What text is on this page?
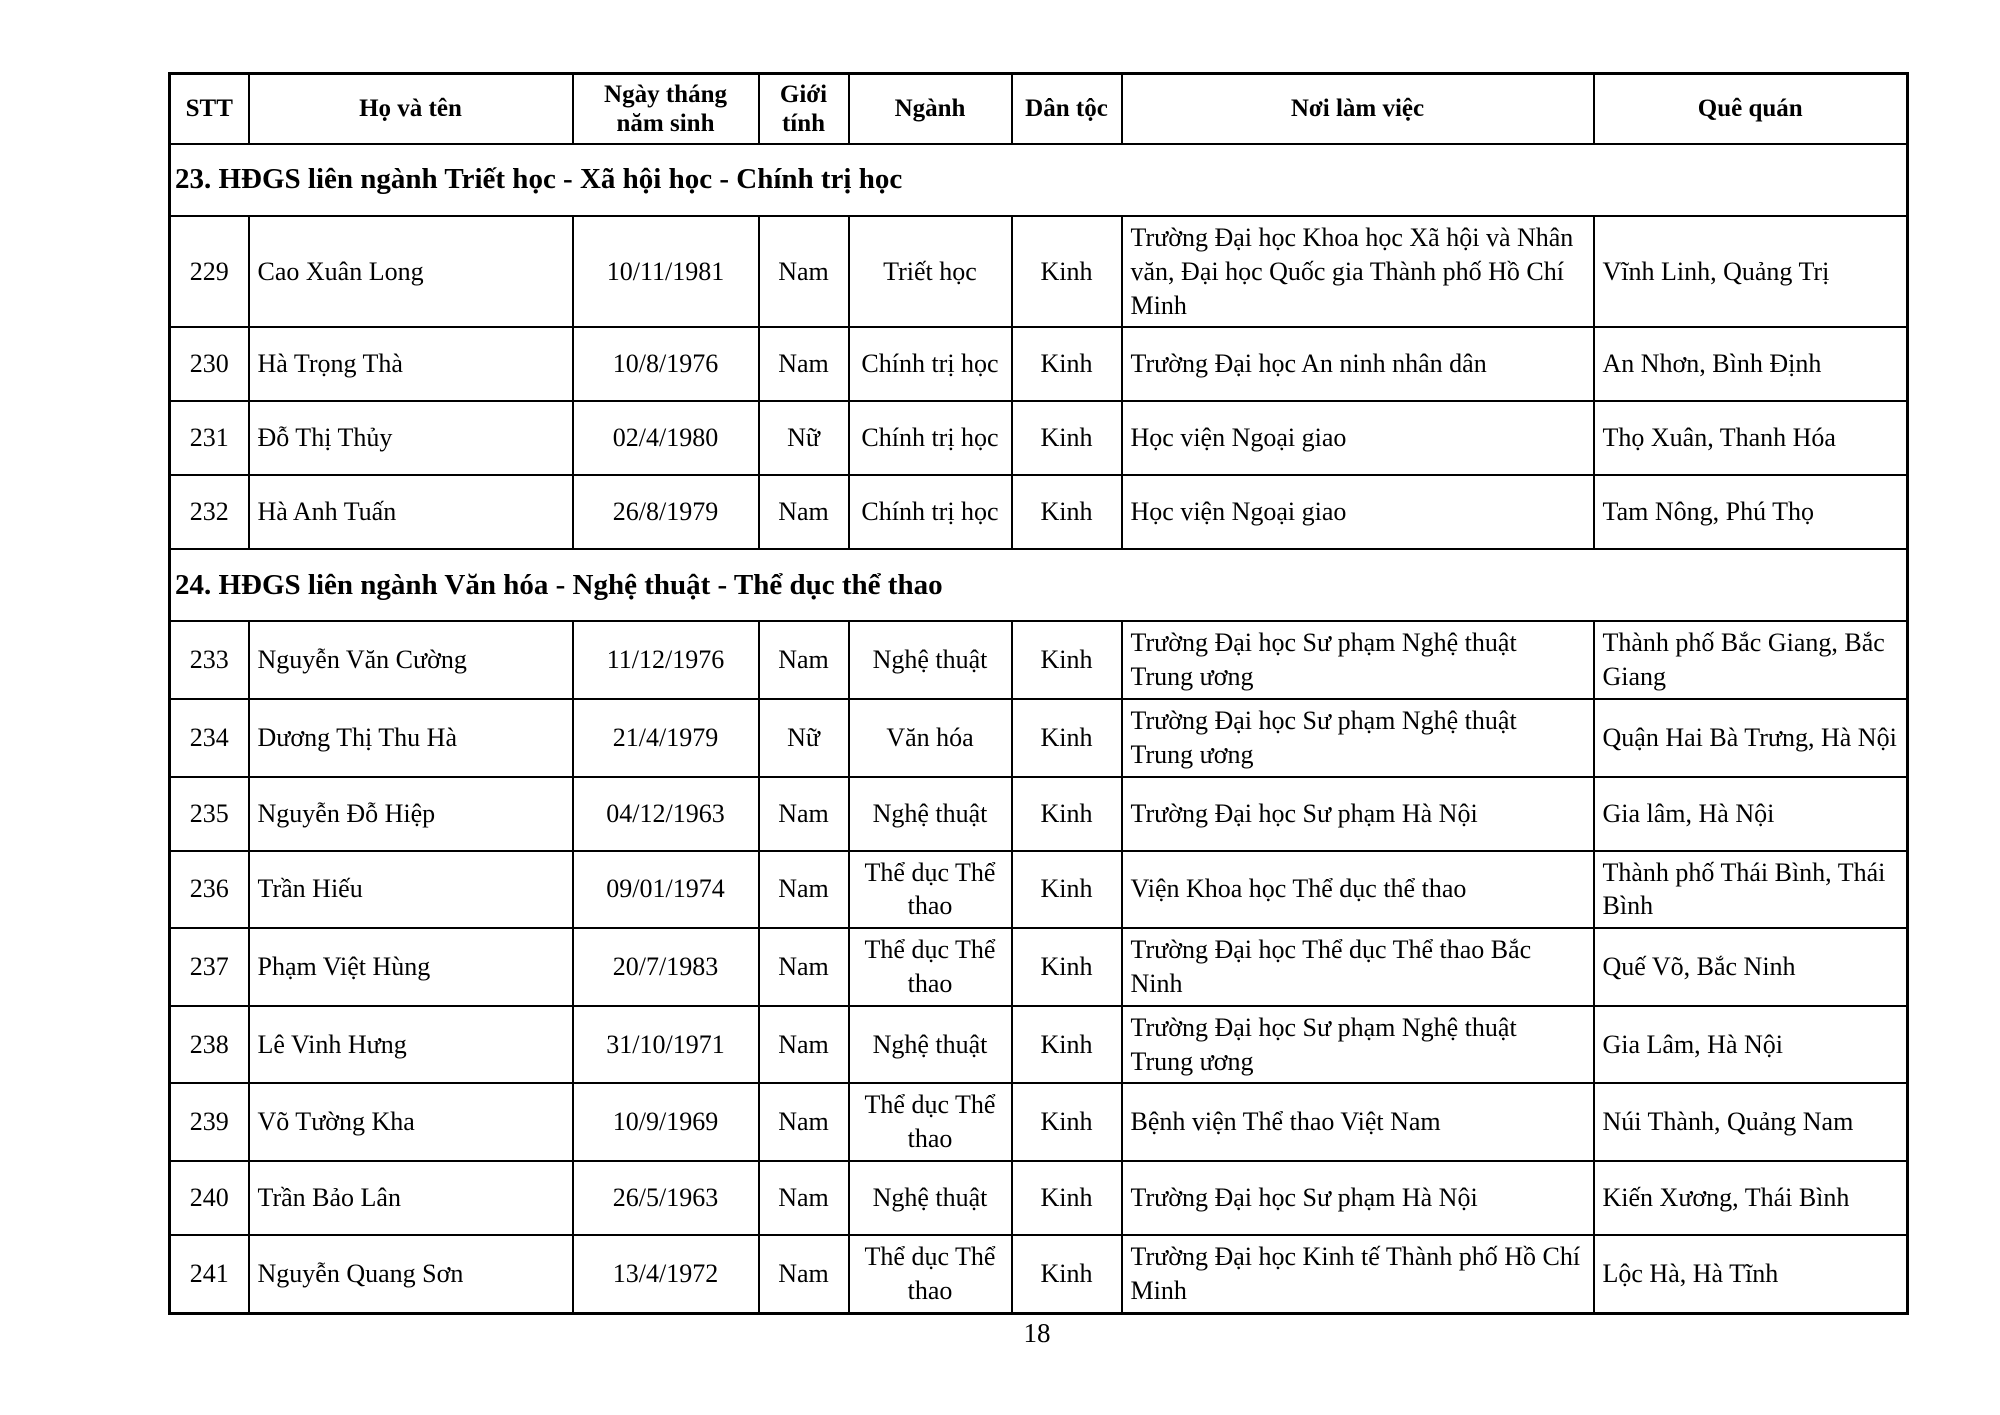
STT	Họ và tên	Ngày tháng năm sinh	Giới tính	Ngành	Dân tộc	Nơi làm việc	Quê quán
23. HĐGS liên ngành Triết học - Xã hội học - Chính trị học							
229	Cao Xuân Long	10/11/1981	Nam	Triết học	Kinh	Trường Đại học Khoa học Xã hội và Nhân văn, Đại học Quốc gia Thành phố Hồ Chí Minh	Vĩnh Linh, Quảng Trị
230	Hà Trọng Thà	10/8/1976	Nam	Chính trị học	Kinh	Trường Đại học An ninh nhân dân	An Nhơn, Bình Định
231	Đỗ Thị Thủy	02/4/1980	Nữ	Chính trị học	Kinh	Học viện Ngoại giao	Thọ Xuân, Thanh Hóa
232	Hà Anh Tuấn	26/8/1979	Nam	Chính trị học	Kinh	Học viện Ngoại giao	Tam Nông, Phú Thọ
24. HĐGS liên ngành Văn hóa - Nghệ thuật - Thể dục thể thao							
233	Nguyễn Văn Cường	11/12/1976	Nam	Nghệ thuật	Kinh	Trường Đại học Sư phạm Nghệ thuật Trung ương	Thành phố Bắc Giang, Bắc Giang
234	Dương Thị Thu Hà	21/4/1979	Nữ	Văn hóa	Kinh	Trường Đại học Sư phạm Nghệ thuật Trung ương	Quận Hai Bà Trưng, Hà Nội
235	Nguyễn Đỗ Hiệp	04/12/1963	Nam	Nghệ thuật	Kinh	Trường Đại học Sư phạm Hà Nội	Gia lâm, Hà Nội
236	Trần Hiếu	09/01/1974	Nam	Thể dục Thể thao	Kinh	Viện Khoa học Thể dục thể thao	Thành phố Thái Bình, Thái Bình
237	Phạm Việt Hùng	20/7/1983	Nam	Thể dục Thể thao	Kinh	Trường Đại học Thể dục Thể thao Bắc Ninh	Quế Võ, Bắc Ninh
238	Lê Vinh Hưng	31/10/1971	Nam	Nghệ thuật	Kinh	Trường Đại học Sư phạm Nghệ thuật Trung ương	Gia Lâm, Hà Nội
239	Võ Tường Kha	10/9/1969	Nam	Thể dục Thể thao	Kinh	Bệnh viện Thể thao Việt Nam	Núi Thành, Quảng Nam
240	Trần Bảo Lân	26/5/1963	Nam	Nghệ thuật	Kinh	Trường Đại học Sư phạm Hà Nội	Kiến Xương, Thái Bình
241	Nguyễn Quang Sơn	13/4/1972	Nam	Thể dục Thể thao	Kinh	Trường Đại học Kinh tế Thành phố Hồ Chí Minh	Lộc Hà, Hà Tĩnh
18
